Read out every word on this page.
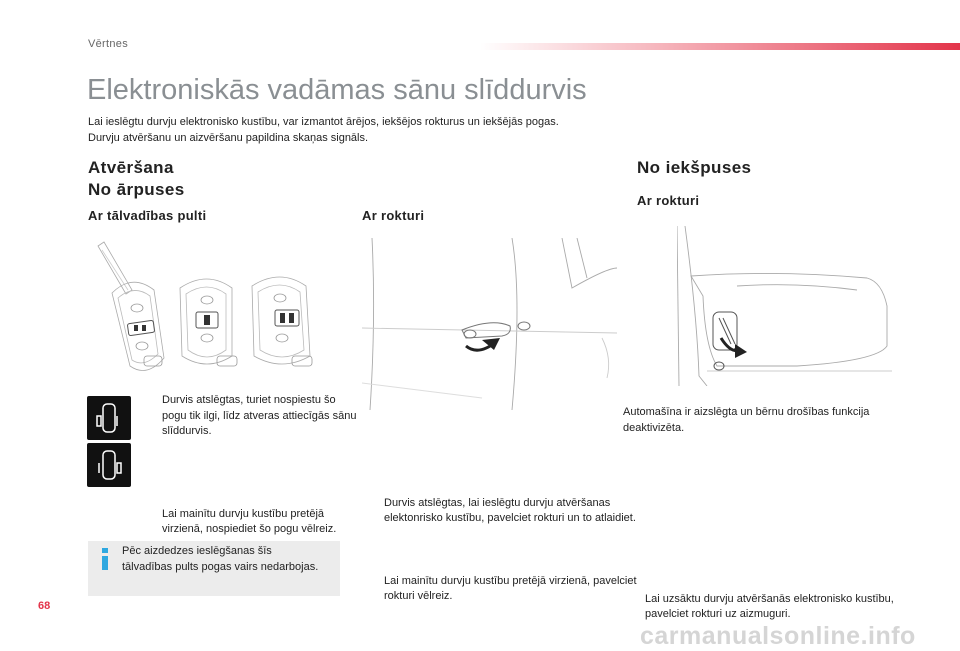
Vērtnes
Elektroniskās vadāmas sānu slīddurvis
Lai ieslēgtu durvju elektronisko kustību, var izmantot ārējos, iekšējos rokturus un iekšējās pogas.
Durvju atvēršanu un aizvēršanu papildina skaņas signāls.
Atvēršana
No ārpuses
Ar tālvadības pulti
Durvis atslēgtas, turiet nospiestu šo pogu tik ilgi, līdz atveras attiecīgās sānu slīddurvis.
Lai mainītu durvju kustību pretējā virzienā, nospiediet šo pogu vēlreiz.
Pēc aizdedzes ieslēgšanas šīs tālvadības pults pogas vairs nedarbojas.
Ar rokturi
Durvis atslēgtas, lai ieslēgtu durvju atvēršanas elektonrisko kustību, pavelciet rokturi un to atlaidiet.
Lai mainītu durvju kustību pretējā virzienā, pavelciet rokturi vēlreiz.
No iekšpuses
Ar rokturi
Automašīna ir aizslēgta un bērnu drošības funkcija deaktivizēta.
Lai uzsāktu durvju atvēršanās elektronisko kustību, pavelciet rokturi uz aizmuguri.
68
carmanualsonline.info
